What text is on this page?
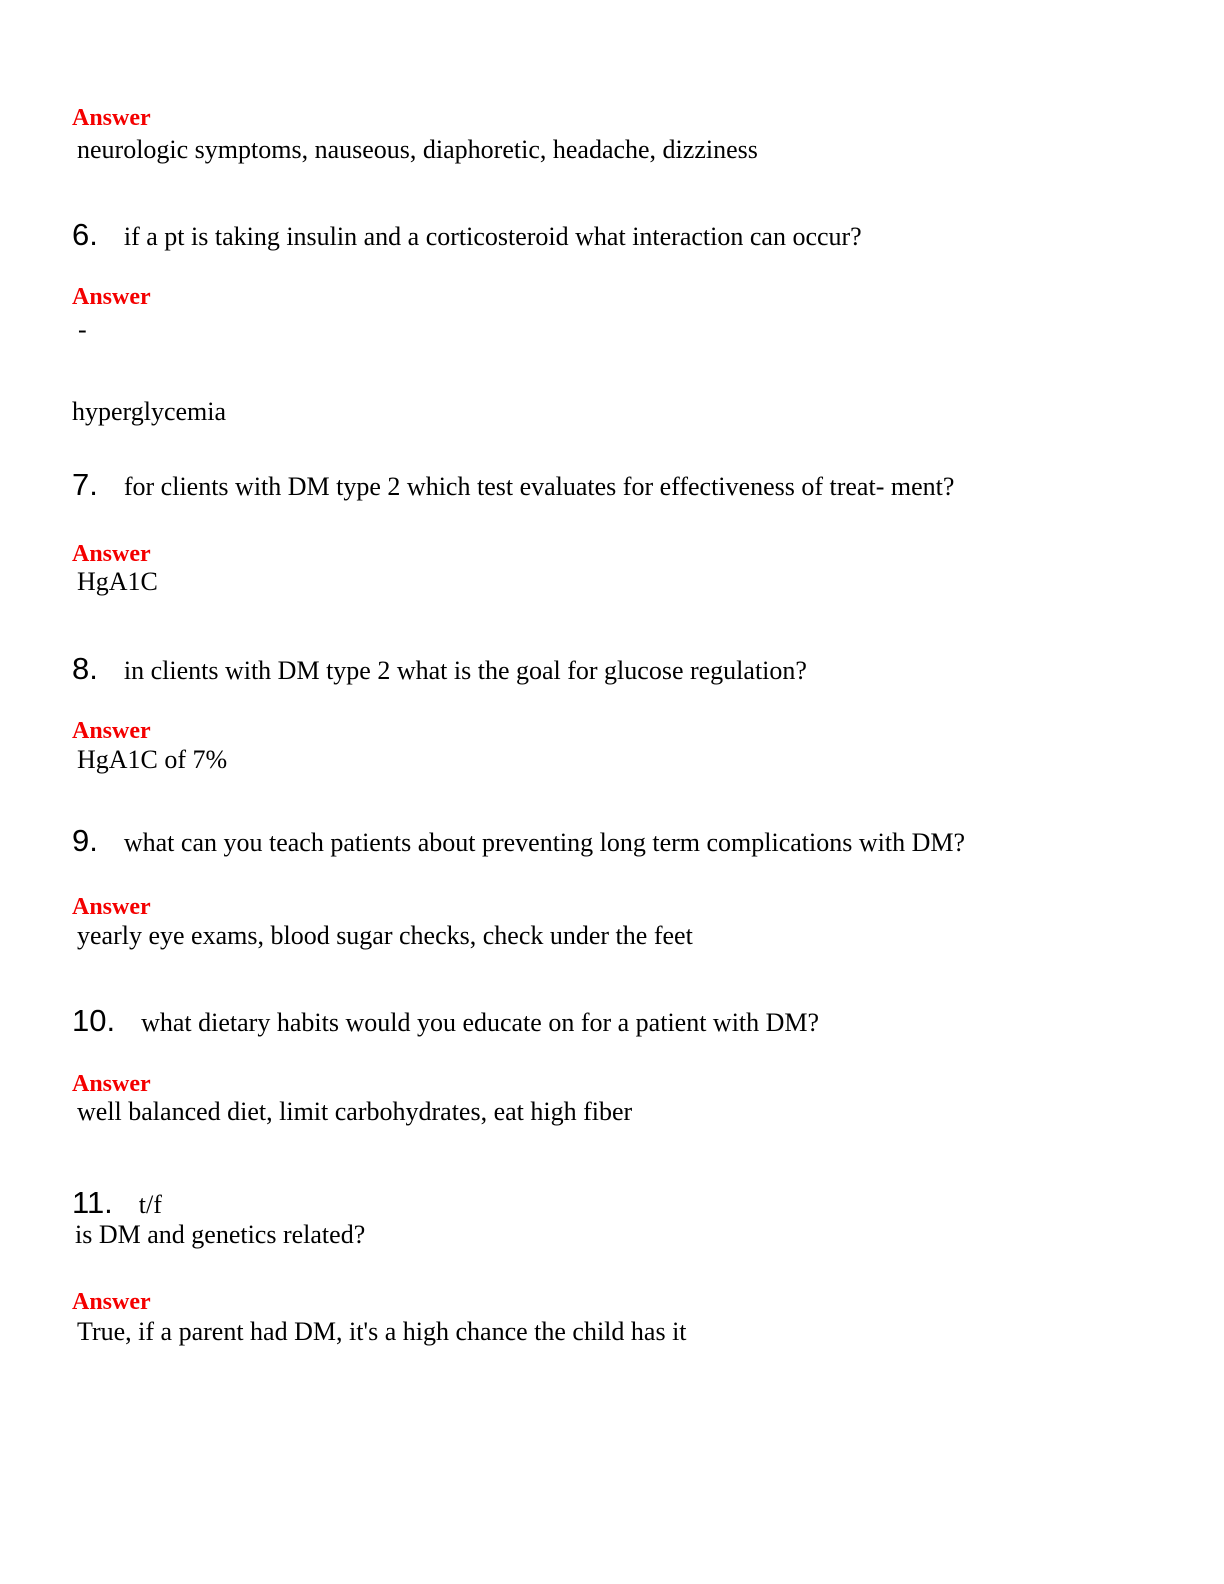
Answer
neurologic symptoms, nauseous, diaphoretic, headache, dizziness
6. if a pt is taking insulin and a corticosteroid what interaction can occur?
Answer
-
hyperglycemia
7. for clients with DM type 2 which test evaluates for effectiveness of treat- ment?
Answer
HgA1C
8. in clients with DM type 2 what is the goal for glucose regulation?
Answer
HgA1C of 7%
9. what can you teach patients about preventing long term complications with DM?
Answer
yearly eye exams, blood sugar checks, check under the feet
10. what dietary habits would you educate on for a patient with DM?
Answer
well balanced diet, limit carbohydrates, eat high fiber
11. t/f
is DM and genetics related?
Answer
True, if a parent had DM, it's a high chance the child has it
